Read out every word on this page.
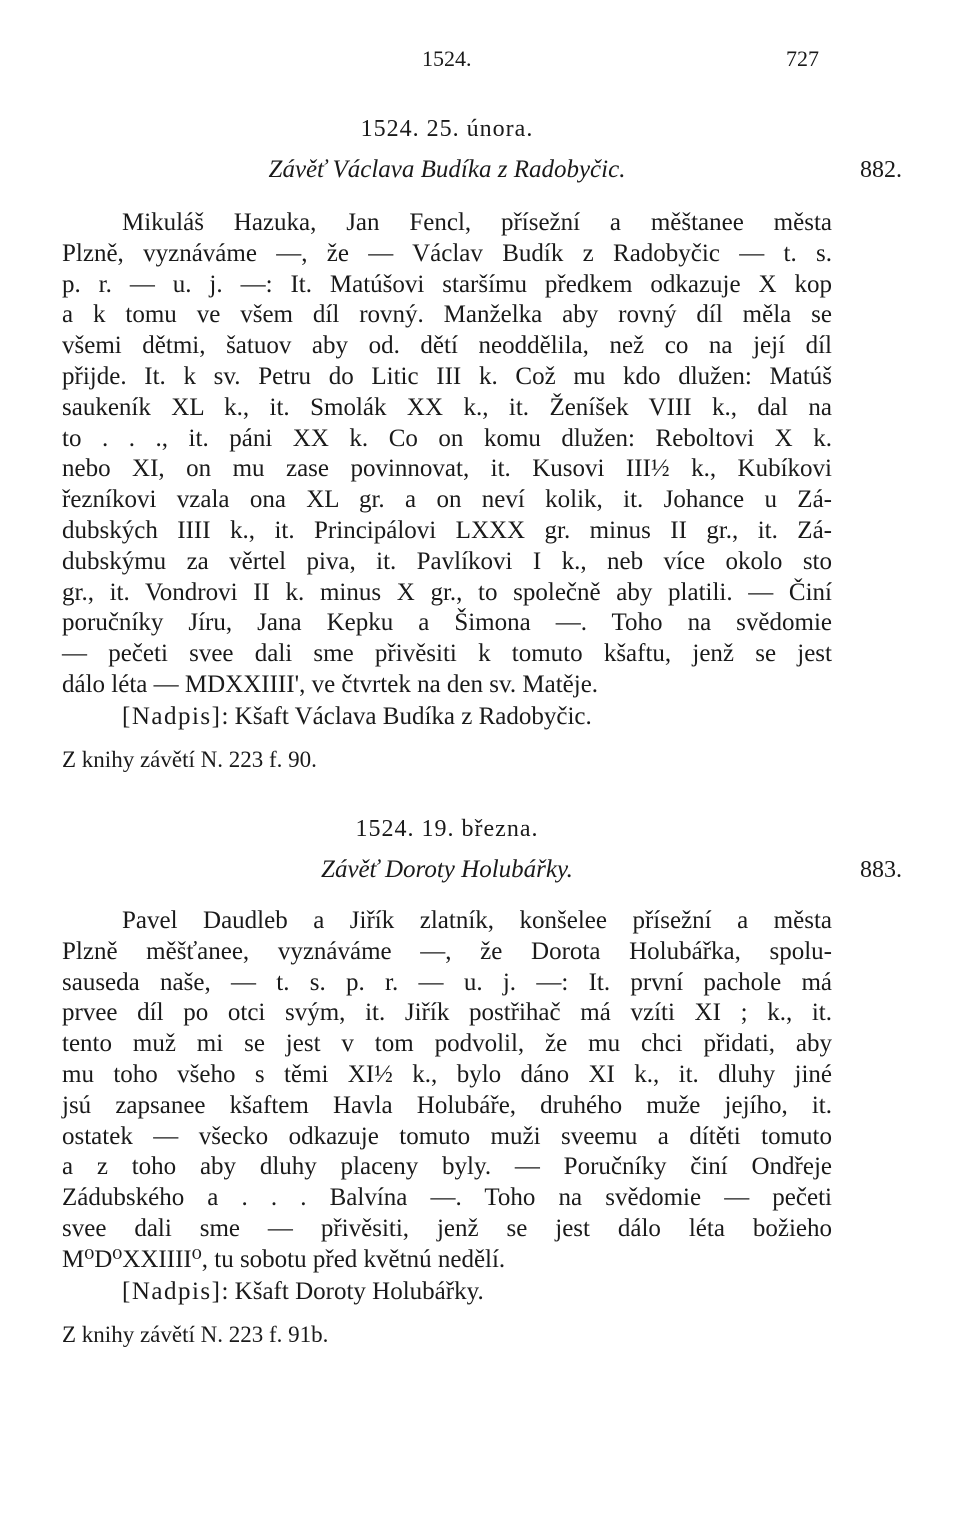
1524.	727
1524. 25. února.
Závěť Václava Budíka z Radobyčic.	882.
Mikuláš Hazuka, Jan Fencl, přísežní a měštanee města
Plzně, vyznáváme —, že — Václav Budík z Radobyčic — t. s.
p. r. — u. j. —: It. Matúšovi staršímu předkem odkazuje X kop
a k tomu ve všem díl rovný. Manželka aby rovný díl měla se
všemi dětmi, šatuov aby od. dětí neoddělila, než co na její díl
přijde. It. k sv. Petru do Litic III k. Což mu kdo dlužen: Matúš
saukeník XL k., it. Smolák XX k., it. Ženíšek VIII k., dal na
to . . ., it. páni XX k. Co on komu dlužen: Reboltovi X k.
nebo XI, on mu zase povinnovat, it. Kusovi III½ k., Kubíkovi
řezníkovi vzala ona XL gr. a on neví kolik, it. Johance u Zá-
dubských IIII k., it. Principálovi LXXX gr. minus II gr., it. Zá-
dubskýmu za věrtel piva, it. Pavlíkovi I k., neb více okolo sto
gr., it. Vondrovi II k. minus X gr., to společně aby platili. — Činí
poručníky Jíru, Jana Kepku a Šimona —. Toho na svědomie
— pečeti svee dali sme přivěsiti k tomuto kšaftu, jenž se jest
dálo léta — MDXXIIII', ve čtvrtek na den sv. Matěje.
[Nadpis]: Kšaft Václava Budíka z Radobyčic.
Z knihy závětí N. 223 f. 90.
1524. 19. března.
Závěť Doroty Holubářky.	883.
Pavel Daudleb a Jiřík zlatník, konšelee přísežní a města
Plzně měšťanee, vyznáváme —, že Dorota Holubářka, spolu-
sauseda naše, — t. s. p. r. — u. j. —: It. první pachole má
prvee díl po otci svým, it. Jiřík postřihač má vzíti XI ; k., it.
tento muž mi se jest v tom podvolil, že mu chci přidati, aby
mu toho všeho s těmi XI½ k., bylo dáno XI k., it. dluhy jiné
jsú zapsanee kšaftem Havla Holubáře, druhého muže jejího, it.
ostatek — všecko odkazuje tomuto muži sveemu a dítěti tomuto
a z toho aby dluhy placeny byly. — Poručníky činí Ondřeje
Zádubského a . . . Balvína —. Toho na svědomie — pečeti
svee dali sme — přivěsiti, jenž se jest dálo léta božieho
M⁰D⁰XXIIII⁰, tu sobotu před květnú nedělí.
[Nadpis]: Kšaft Doroty Holubářky.
Z knihy závětí N. 223 f. 91b.
